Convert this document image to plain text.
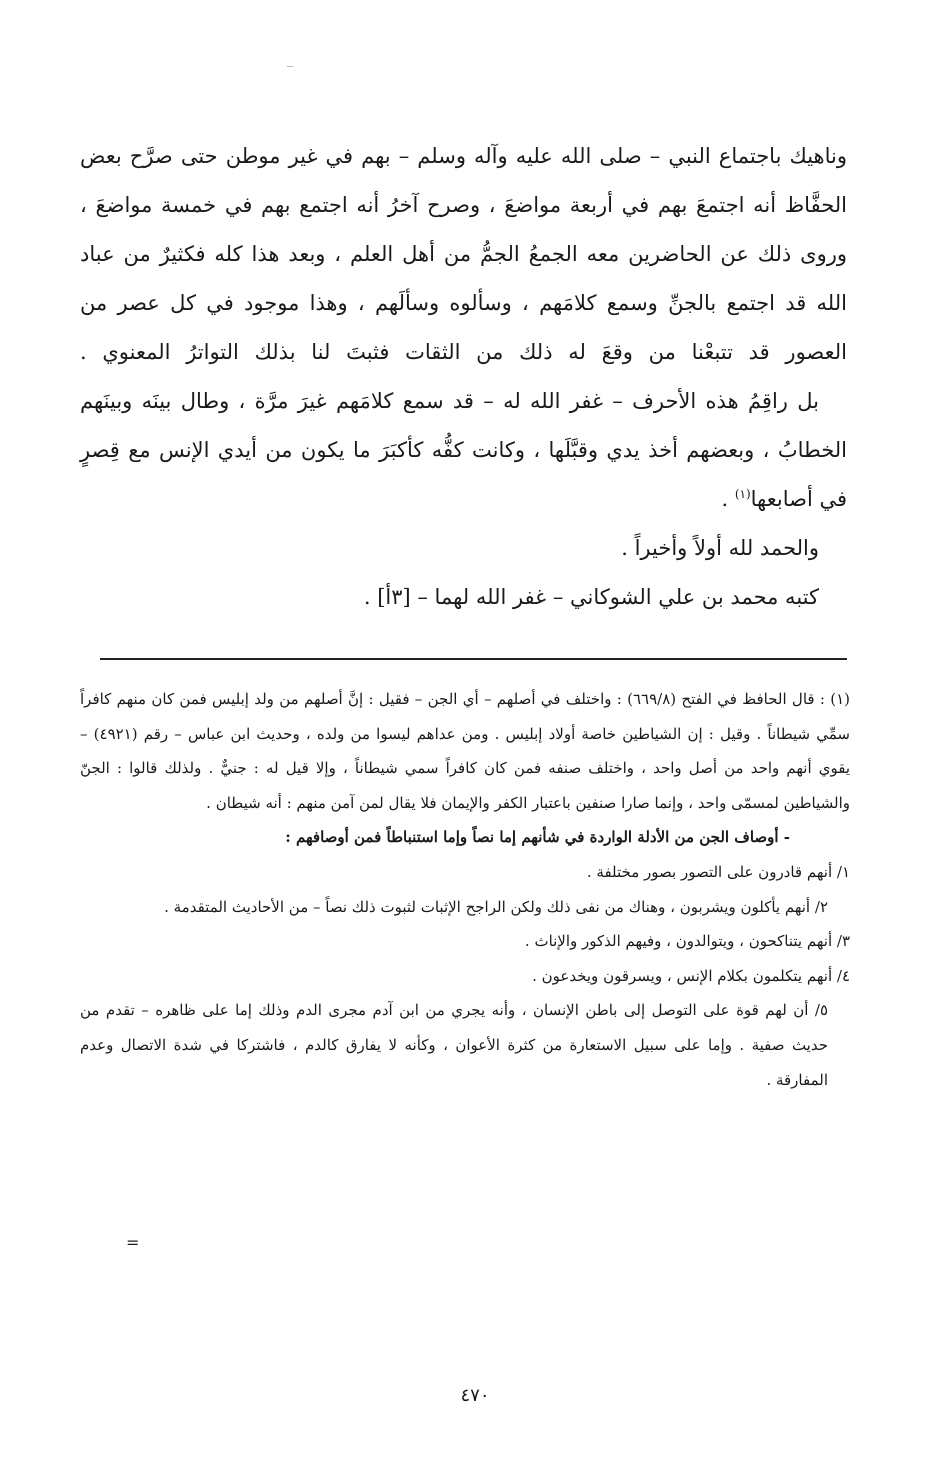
وناهيك باجتماع النبي – صلى الله عليه وآله وسلم – بهم في غير موطن حتى صرَّح بعض الحفَّاظ أنه اجتمعَ بهم في أربعة مواضعَ ، وصرح آخرُ أنه اجتمع بهم في خمسة مواضعَ ، وروى ذلك عن الحاضرين معه الجمعُ الجمُّ من أهل العلم ، وبعد هذا كله فكثيرٌ من عباد الله قد اجتمع بالجنِّ وسمع كلامَهم ، وسألوه وسألَهم ، وهذا موجود في كل عصر من العصور قد تتبعْنا من وقعَ له ذلك من الثقات فثبتَ لنا بذلك التواترُ المعنوي .

بل راقِمُ هذه الأحرف – غفر الله له – قد سمع كلامَهم غيرَ مرَّة ، وطال بينَه وبينَهم الخطابُ ، وبعضهم أخذ يدي وقبَّلَها ، وكانت كفُّه كأكبَرَ ما يكون من أيدي الإنس مع قِصرٍ في أصابعها$^{(١)}$ .

والحمد لله أولاً وأخيراً .

كتبه محمد بن علي الشوكاني – غفر الله لهما – [٣أ] .

(١) : قال الحافظ في الفتح (٦٦٩/٨) : واختلف في أصلهم – أي الجن – فقيل : إنَّ أصلهم من ولد إبليس فمن كان منهم كافراً سمِّي شيطاناً . وقيل : إن الشياطين خاصة أولاد إبليس . ومن عداهم ليسوا من ولده ، وحديث ابن عباس – رقم (٤٩٢١) – يقوي أنهم واحد من أصل واحد ، واختلف صنفه فمن كان كافراً سمي شيطاناً ، وإلا قيل له : جنيٌّ . ولذلك قالوا : الجنّ والشياطين لمسمّى واحد ، وإنما صارا صنفين باعتبار الكفر والإيمان فلا يقال لمن آمن منهم : أنه شيطان .

- أوصاف الجن من الأدلة الواردة في شأنهم إما نصاً وإما استنباطاً فمن أوصافهم :

١/ أنهم قادرون على التصور بصور مختلفة .

٢/ أنهم يأكلون ويشربون ، وهناك من نفى ذلك ولكن الراجح الإثبات لثبوت ذلك نصاً – من الأحاديث المتقدمة .

٣/ أنهم يتناكحون ، ويتوالدون ، وفيهم الذكور والإناث .

٤/ أنهم يتكلمون بكلام الإنس ، ويسرقون ويخدعون .

٥/ أن لهم قوة على التوصل إلى باطن الإنسان ، وأنه يجري من ابن آدم مجرى الدم وذلك إما على ظاهره – تقدم من حديث صفية . وإما على سبيل الاستعارة من كثرة الأعوان ، وكأنه لا يفارق كالدم ، فاشتركا في شدة الاتصال وعدم المفارقة .

=
٤٧٠
